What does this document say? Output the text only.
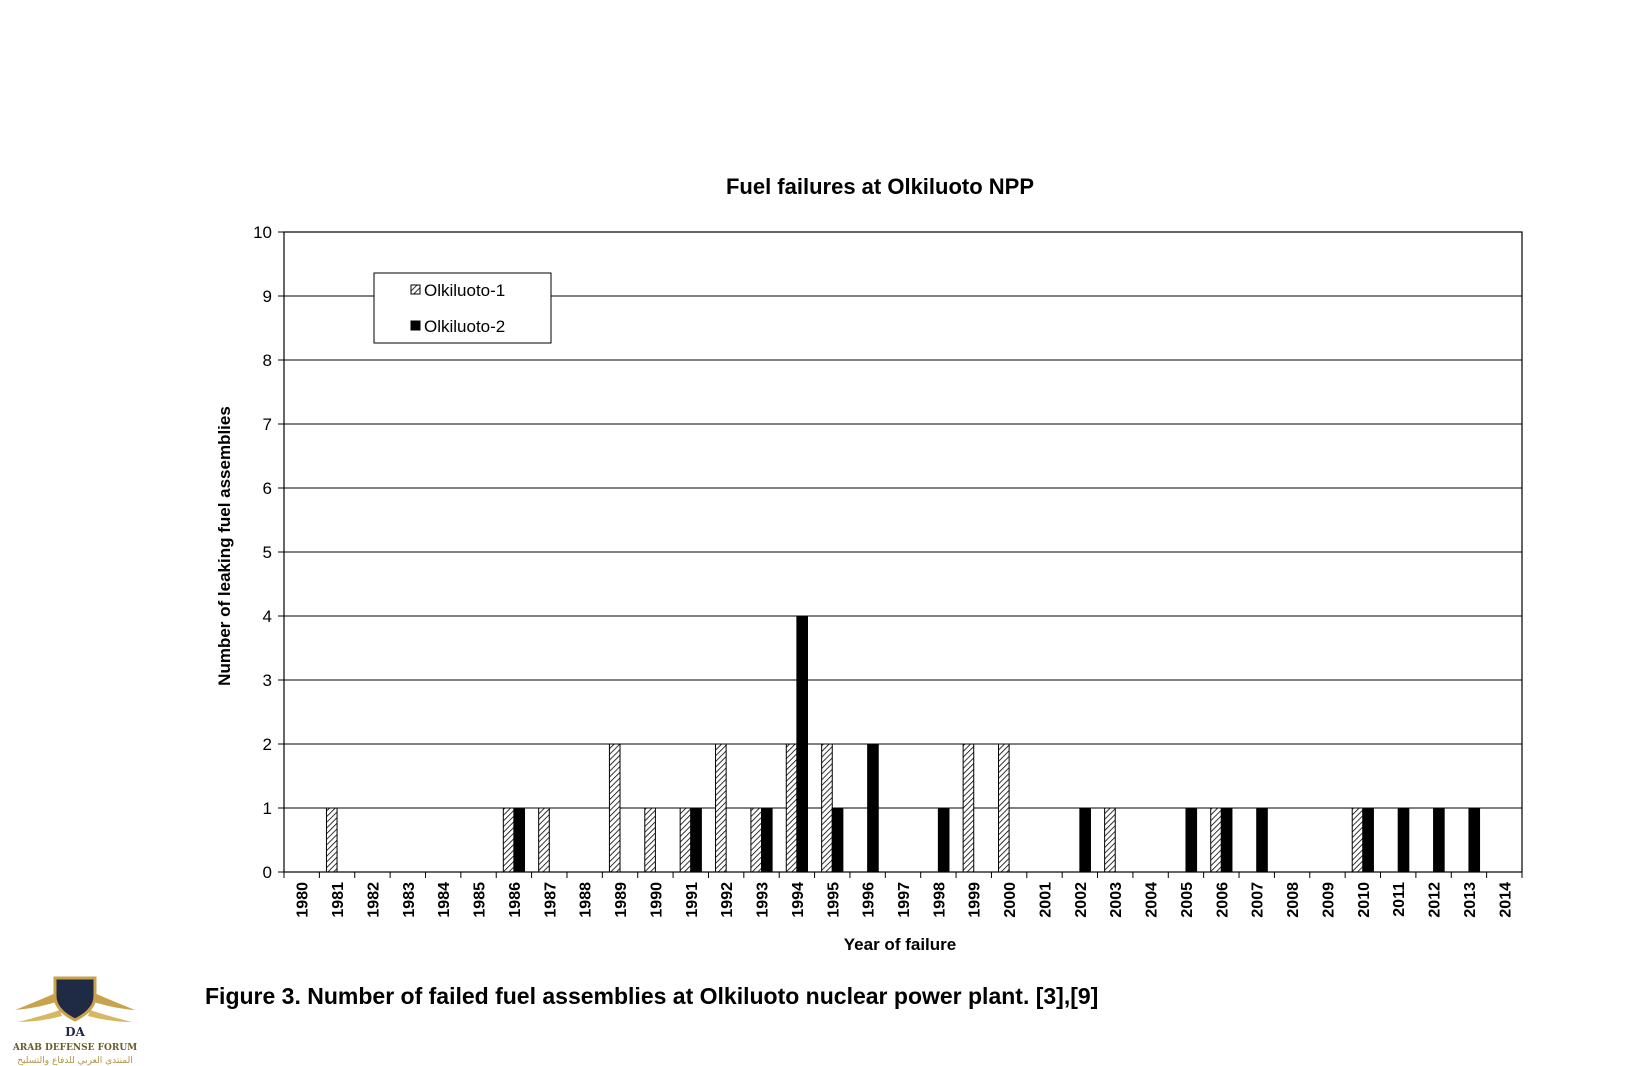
Fuel failures at Olkiluoto NPP
0
1
2
3
4
5
6
7
8
9
10
1980 1981 1982 1983 1984 1985 1986 1987 1988 1989 1990 1991 1992 1993 1994 1995 1996 1997 1998 1999 2000 2001 2002 2003 2004 2005 2006 2007 2008 2009 2010 2011 2012 2013 2014
Year of failure
Number of leaking fuel assemblies
Olkiluoto-1
Olkiluoto-2
Figure 3. Number of failed fuel assemblies at Olkiluoto nuclear power plant. [3],[9]
DA
ARAB DEFENSE FORUM
المنتدى العربي للدفاع والتسليح
